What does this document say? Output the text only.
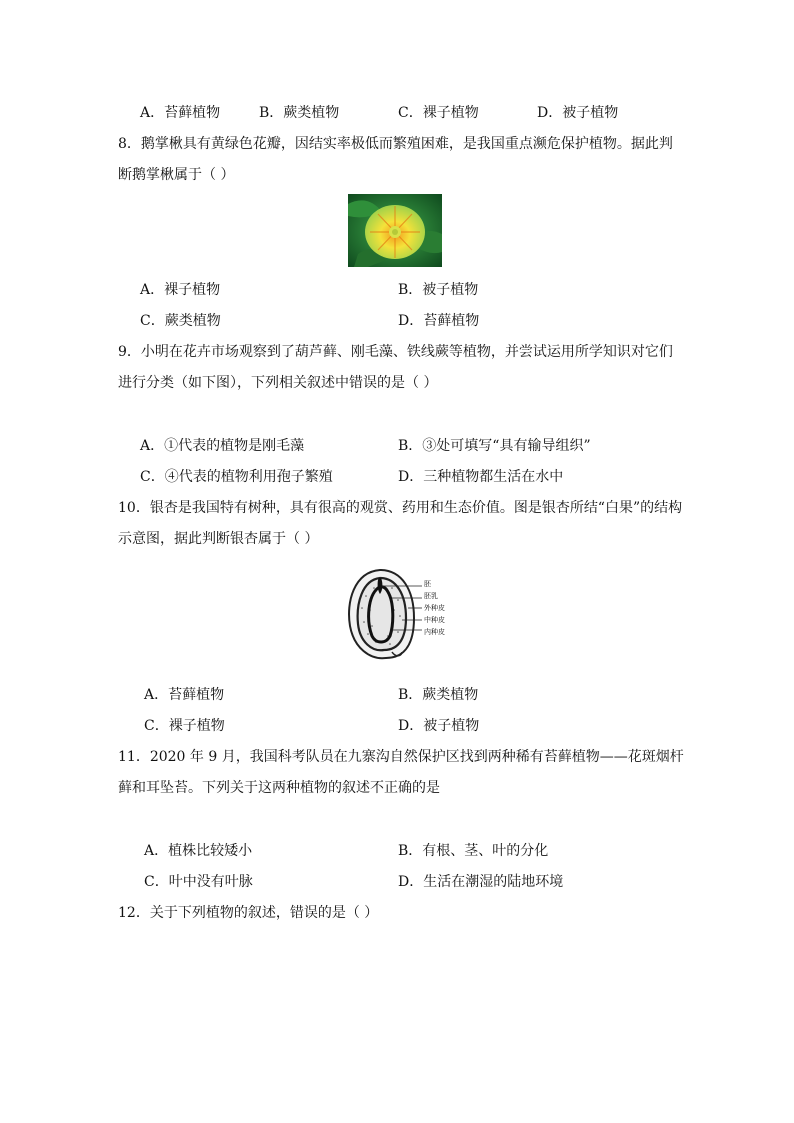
A．苔藓植物	B．蕨类植物	C．裸子植物	D．被子植物
8．鹅掌楸具有黄绿色花瓣，因结实率极低而繁殖困难，是我国重点濒危保护植物。据此判
断鹅掌楸属于（ ）
A．裸子植物	B．被子植物
C．蕨类植物	D．苔藓植物
9．小明在花卉市场观察到了葫芦藓、刚毛藻、铁线蕨等植物，并尝试运用所学知识对它们
进行分类（如下图），下列相关叙述中错误的是（ ）
A．①代表的植物是刚毛藻	B．③处可填写“具有输导组织”
C．④代表的植物利用孢子繁殖	D．三种植物都生活在水中
10．银杏是我国特有树种，具有很高的观赏、药用和生态价值。图是银杏所结“白果”的结构
示意图，据此判断银杏属于（ ）
胚
胚乳
外种皮
中种皮
内种皮
A．苔藓植物	B．蕨类植物
C．裸子植物	D．被子植物
11．2020 年 9 月，我国科考队员在九寨沟自然保护区找到两种稀有苔藓植物——花斑烟杆
藓和耳坠苔。下列关于这两种植物的叙述不正确的是
A．植株比较矮小	B．有根、茎、叶的分化
C．叶中没有叶脉	D．生活在潮湿的陆地环境
12．关于下列植物的叙述，错误的是（ ）
